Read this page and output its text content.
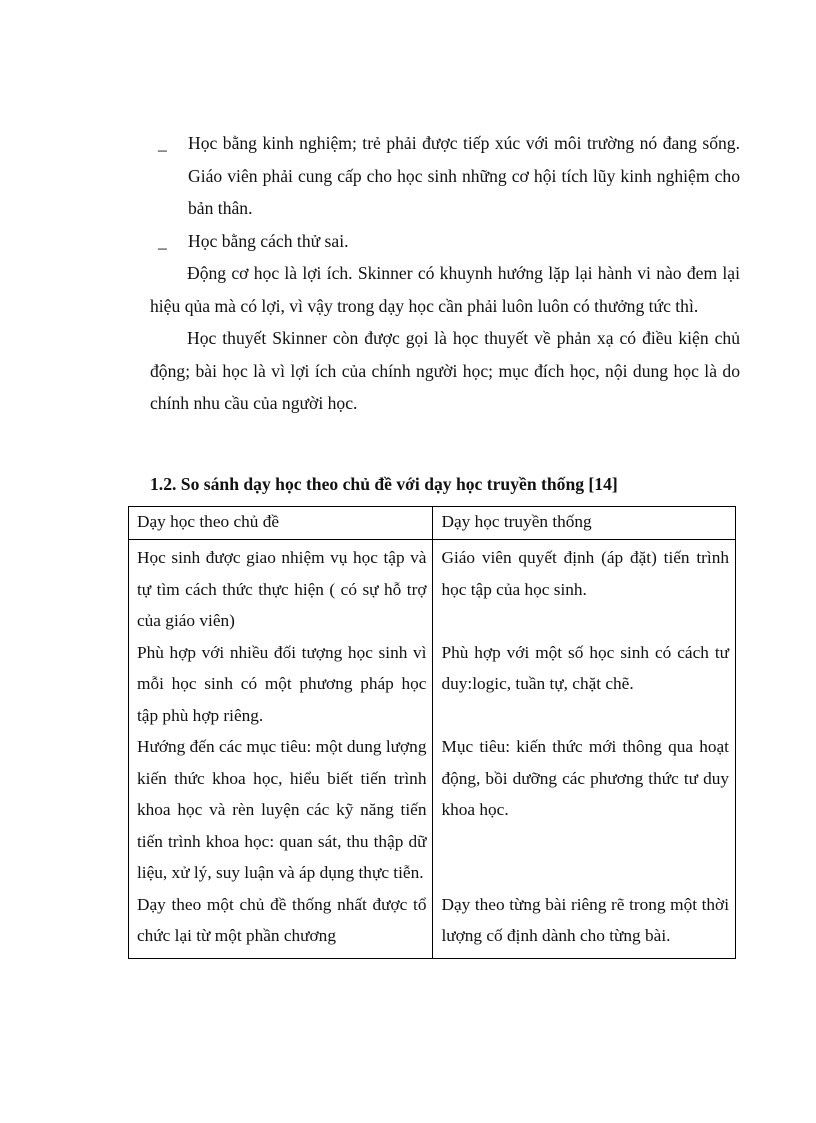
_ Học bằng kinh nghiệm; trẻ phải được tiếp xúc với môi trường nó đang sống. Giáo viên phải cung cấp cho học sinh những cơ hội tích lũy kinh nghiệm cho bản thân.
_ Học bằng cách thử sai.

Động cơ học là lợi ích. Skinner có khuynh hướng lặp lại hành vi nào đem lại hiệu qủa mà có lợi, vì vậy trong dạy học cần phải luôn luôn có thưởng tức thì.

Học thuyết Skinner còn được gọi là học thuyết về phản xạ có điều kiện chủ động; bài học là vì lợi ích của chính người học; mục đích học, nội dung học là do chính nhu cầu của người học.

1.2. So sánh dạy học theo chủ đề với dạy học truyền thống [14]
Dạy học theo chủ đề	Dạy học truyền thống
Học sinh được giao nhiệm vụ học tập và tự tìm cách thức thực hiện ( có sự hỗ trợ của giáo viên)	Giáo viên quyết định (áp đặt) tiến trình học tập của học sinh.
Phù hợp với nhiều đối tượng học sinh vì mỗi học sinh có một phương pháp học tập phù hợp riêng.	Phù hợp với một số học sinh có cách tư duy:logic, tuần tự, chặt chẽ.
Hướng đến các mục tiêu: một dung lượng kiến thức khoa học, hiểu biết tiến trình khoa học và rèn luyện các kỹ năng tiến tiến trình khoa học: quan sát, thu thập dữ liệu, xử lý, suy luận và áp dụng thực tiễn.	Mục tiêu: kiến thức mới thông qua hoạt động, bồi dưỡng các phương thức tư duy khoa học.
Dạy theo một chủ đề thống nhất được tổ chức lại từ một phần chương	Dạy theo từng bài riêng rẽ trong một thời lượng cố định dành cho từng bài.
